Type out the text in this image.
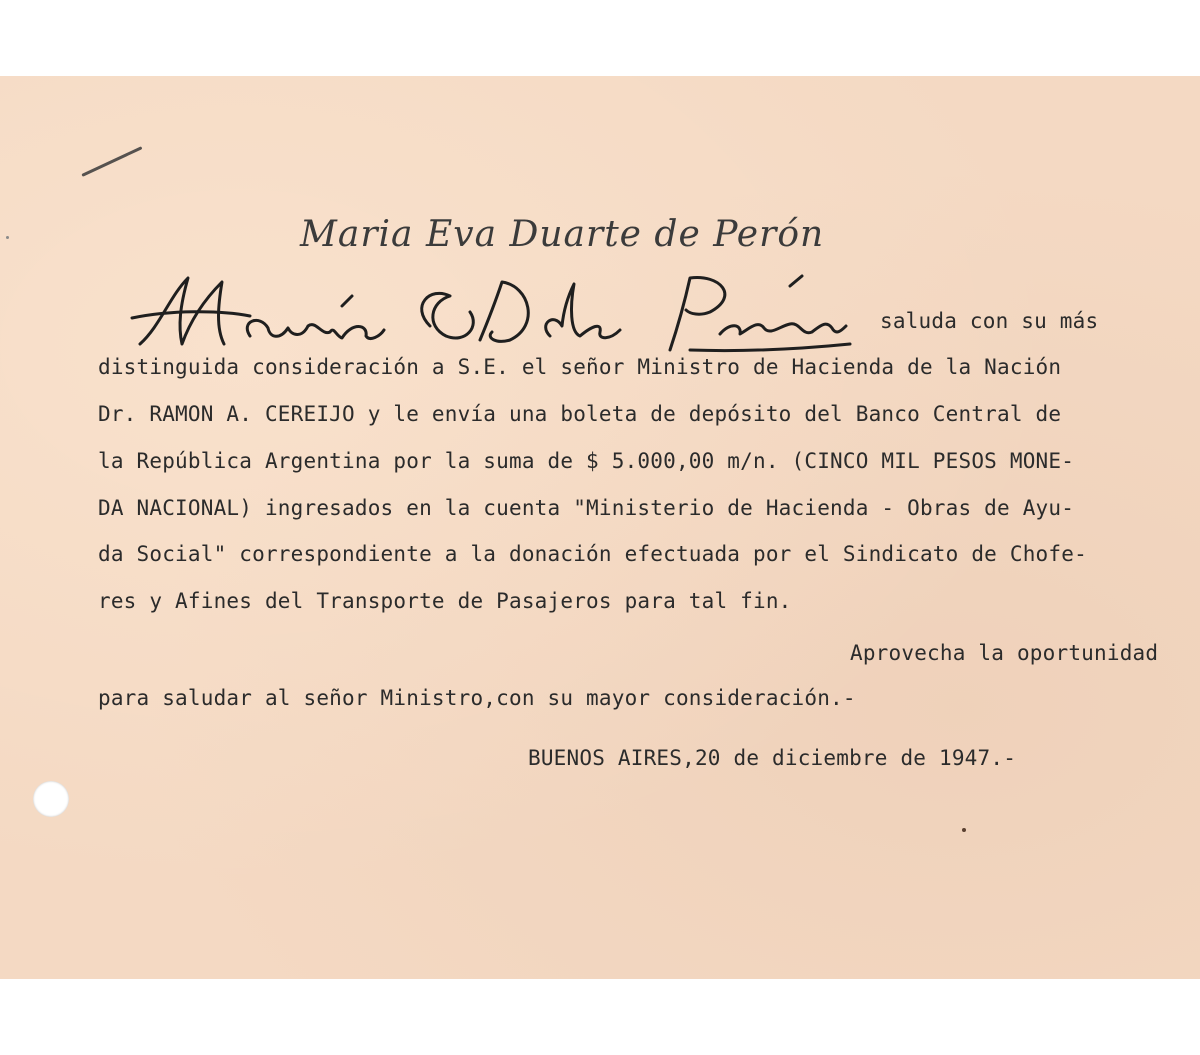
Maria Eva Duarte de Perón
saluda con su más
distinguida consideración a S.E. el señor Ministro de Hacienda de la Nación
Dr. RAMON A. CEREIJO y le envía una boleta de depósito del Banco Central de
la República Argentina por la suma de $ 5.000,00 m/n. (CINCO MIL PESOS MONE-
DA NACIONAL) ingresados en la cuenta "Ministerio de Hacienda - Obras de Ayu-
da Social" correspondiente a la donación efectuada por el Sindicato de Chofe-
res y Afines del Transporte de Pasajeros para tal fin.
Aprovecha la oportunidad
para saludar al señor Ministro,con su mayor consideración.-
BUENOS AIRES,20 de diciembre de 1947.-
